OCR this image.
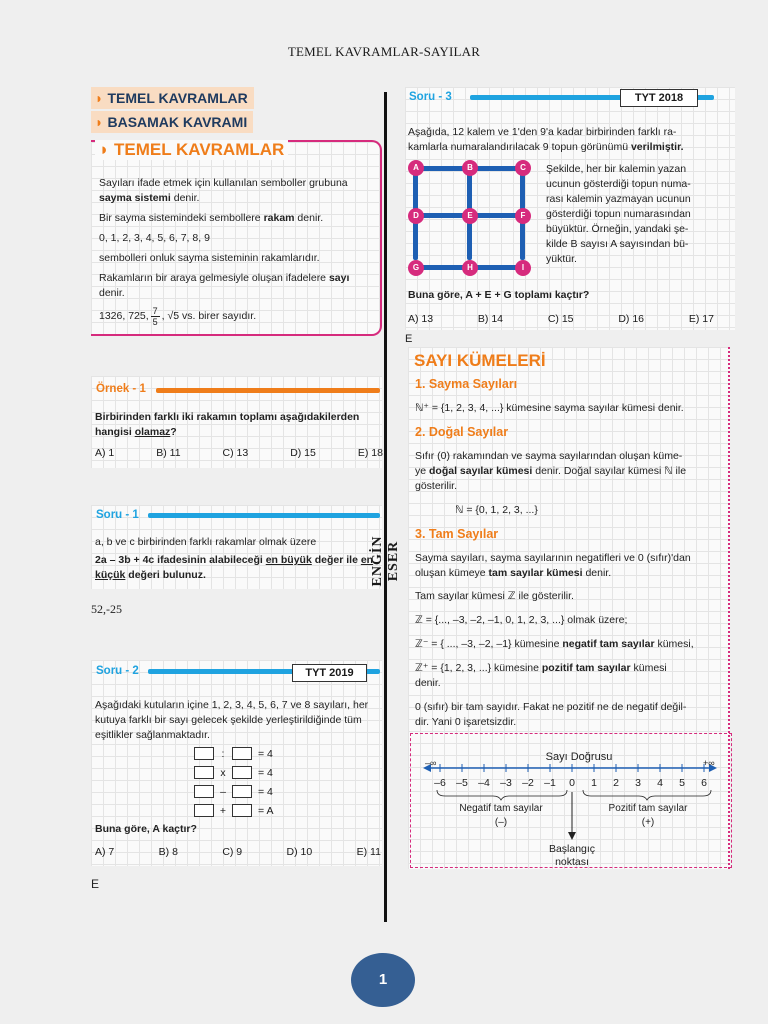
TEMEL KAVRAMLAR-SAYILAR
◗ TEMEL KAVRAMLAR
◗ BASAMAK KAVRAMI
◗ TEMEL KAVRAMLAR

Sayıları ifade etmek için kullanılan semboller grubuna sayma sistemi denir.

Bir sayma sistemindeki sembollere rakam denir.

0, 1, 2, 3, 4, 5, 6, 7, 8, 9

sembolleri onluk sayma sisteminin rakamlarıdır.

Rakamların bir araya gelmesiyle oluşan ifadelere sayı denir.

1326, 725, 7
5 , √5 vs. birer sayıdır.

Örnek - 1
Birbirinden farklı iki rakamın toplamı aşağıdakilerden hangisi olamaz?
A) 1	B) 11	C) 13	D) 15	E) 18
Soru - 1
a, b ve c birbirinden farklı rakamlar olmak üzere
2a – 3b + 4c ifadesinin alabileceği en büyük değer ile en küçük değeri bulunuz.
52,-25
Soru - 2	TYT 2019
Aşağıdaki kutuların içine 1, 2, 3, 4, 5, 6, 7 ve 8 sayıları, her
kutuya farklı bir sayı gelecek şekilde yerleştirildiğinde tüm
eşitlikler sağlanmaktadır.
:	= 4
x	= 4
–	= 4
+	= A
Buna göre, A kaçtır?
A) 7	B) 8	C) 9	D) 10	E) 11
E
ENGİN ESER
Soru - 3	TYT 2018
Aşağıda, 12 kalem ve 1'den 9'a kadar birbirinden farklı ra-
kamlarla numaralandırılacak 9 topun görünümü verilmiştir.
A	B	C
D	E	F
G	H	I
Şekilde, her bir kalemin yazan
ucunun gösterdiği topun numa-
rası kalemin yazmayan ucunun
gösterdiği topun numarasından
büyüktür. Örneğin, yandaki şe-
kilde B sayısı A sayısından bü-
yüktür.
Buna göre, A + E + G toplamı kaçtır?
A) 13	B) 14	C) 15	D) 16	E) 17
E
SAYI KÜMELERİ
1. Sayma Sayıları
ℕ⁺ = {1, 2, 3, 4, ...} kümesine sayma sayılar kümesi denir.
2. Doğal Sayılar
Sıfır (0) rakamından ve sayma sayılarından oluşan küme-
ye doğal sayılar kümesi denir. Doğal sayılar kümesi ℕ ile
gösterilir.
ℕ = {0, 1, 2, 3, ...}
3. Tam Sayılar
Sayma sayıları, sayma sayılarının negatifleri ve 0 (sıfır)'dan
oluşan kümeye tam sayılar kümesi denir.
Tam sayılar kümesi ℤ ile gösterilir.
ℤ = {..., –3, –2, –1, 0, 1, 2, 3, ...} olmak üzere;
ℤ⁻ = { ..., –3, –2, –1} kümesine negatif tam sayılar kümesi,
ℤ⁺ = {1, 2, 3, ...} kümesine pozitif tam sayılar kümesi
denir.
0 (sıfır) bir tam sayıdır. Fakat ne pozitif ne de negatif değil-
dir. Yani 0 işaretsizdir.
Sayı Doğrusu
–∞	+∞
–6 –5 –4 –3 –2 –1 0 1 2 3 4 5 6
Negatif tam sayılar
(–)
Pozitif tam sayılar
(+)
Başlangıç
noktası
1
